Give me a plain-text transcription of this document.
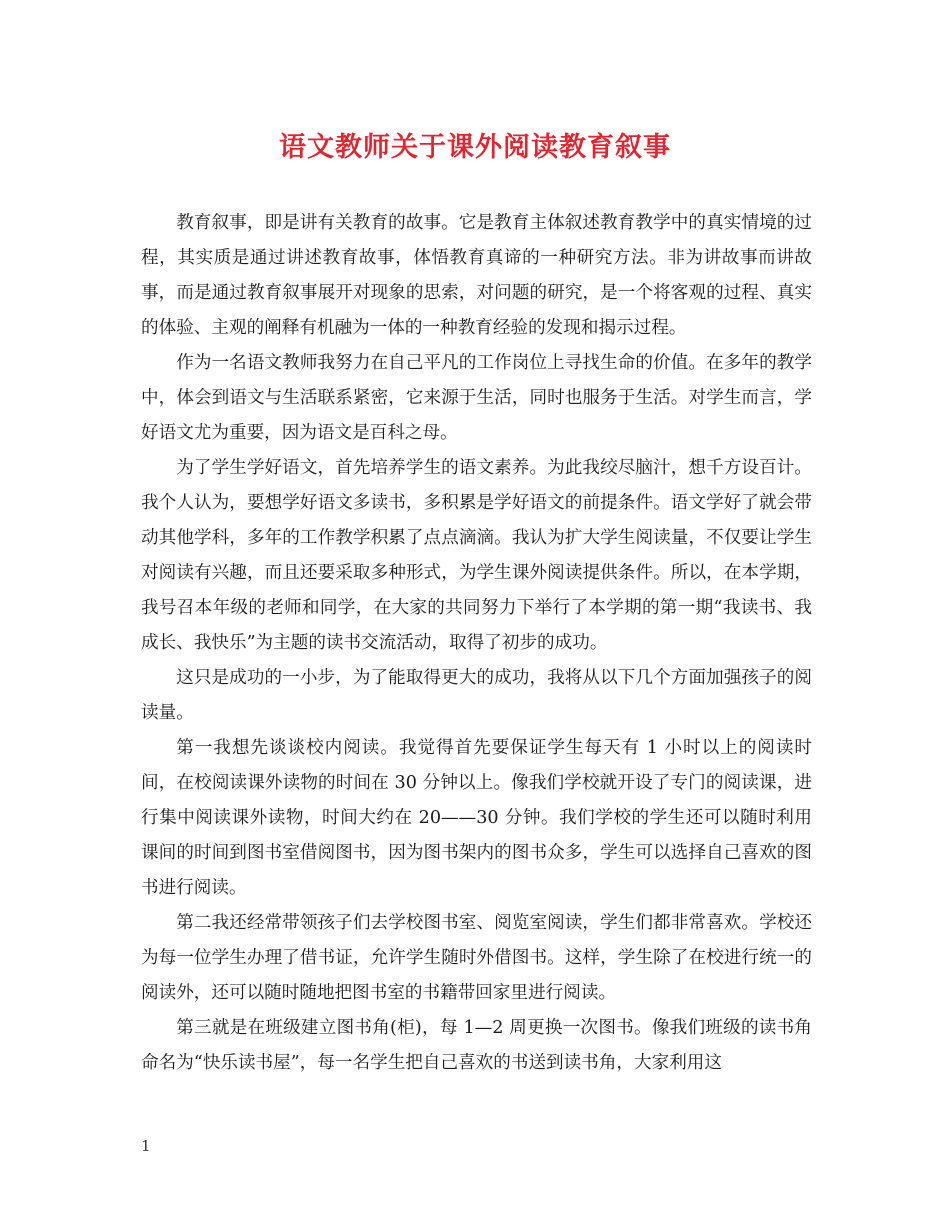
语文教师关于课外阅读教育叙事

教育叙事，即是讲有关教育的故事。它是教育主体叙述教育教学中的真实情境的过程，其实质是通过讲述教育故事，体悟教育真谛的一种研究方法。非为讲故事而讲故事，而是通过教育叙事展开对现象的思索，对问题的研究，是一个将客观的过程、真实的体验、主观的阐释有机融为一体的一种教育经验的发现和揭示过程。

作为一名语文教师我努力在自己平凡的工作岗位上寻找生命的价值。在多年的教学中，体会到语文与生活联系紧密，它来源于生活，同时也服务于生活。对学生而言，学好语文尤为重要，因为语文是百科之母。

为了学生学好语文，首先培养学生的语文素养。为此我绞尽脑汁，想千方设百计。我个人认为，要想学好语文多读书，多积累是学好语文的前提条件。语文学好了就会带动其他学科，多年的工作教学积累了点点滴滴。我认为扩大学生阅读量，不仅要让学生对阅读有兴趣，而且还要采取多种形式，为学生课外阅读提供条件。所以，在本学期，我号召本年级的老师和同学，在大家的共同努力下举行了本学期的第一期“我读书、我成长、我快乐”为主题的读书交流活动，取得了初步的成功。

这只是成功的一小步，为了能取得更大的成功，我将从以下几个方面加强孩子的阅读量。

第一我想先谈谈校内阅读。我觉得首先要保证学生每天有 1 小时以上的阅读时间，在校阅读课外读物的时间在 30 分钟以上。像我们学校就开设了专门的阅读课，进行集中阅读课外读物，时间大约在 20——30 分钟。我们学校的学生还可以随时利用课间的时间到图书室借阅图书，因为图书架内的图书众多，学生可以选择自己喜欢的图书进行阅读。

第二我还经常带领孩子们去学校图书室、阅览室阅读，学生们都非常喜欢。学校还为每一位学生办理了借书证，允许学生随时外借图书。这样，学生除了在校进行统一的阅读外，还可以随时随地把图书室的书籍带回家里进行阅读。

第三就是在班级建立图书角(柜)，每 1—2 周更换一次图书。像我们班级的读书角命名为“快乐读书屋”，每一名学生把自己喜欢的书送到读书角，大家利用这

1
